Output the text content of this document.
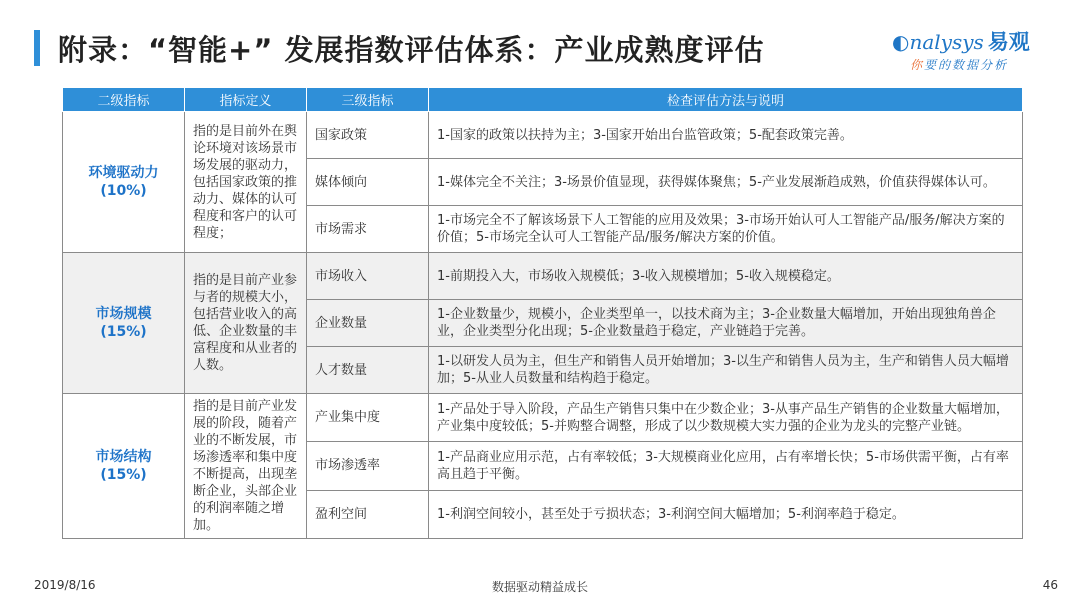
附录：“智能+” 发展指数评估体系：产业成熟度评估	◐nalysys 易观
你要的数据分析
二级指标	指标定义	三级指标	检查评估方法与说明

环境驱动力
(10%)	指的是目前外在舆论环境对该场景市场发展的驱动力，包括国家政策的推动力、媒体的认可程度和客户的认可程度；	国家政策	1-国家的政策以扶持为主；3-国家开始出台监管政策；5-配套政策完善。
		媒体倾向	1-媒体完全不关注；3-场景价值显现，获得媒体聚焦；5-产业发展渐趋成熟，价值获得媒体认可。
		市场需求	1-市场完全不了解该场景下人工智能的应用及效果；3-市场开始认可人工智能产品/服务/解决方案的价值；5-市场完全认可人工智能产品/服务/解决方案的价值。

市场规模
(15%)	指的是目前产业参与者的规模大小，包括营业收入的高低、企业数量的丰富程度和从业者的人数。	市场收入	1-前期投入大，市场收入规模低；3-收入规模增加；5-收入规模稳定。
		企业数量	1-企业数量少，规模小，企业类型单一，以技术商为主；3-企业数量大幅增加，开始出现独角兽企业，企业类型分化出现；5-企业数量趋于稳定，产业链趋于完善。
		人才数量	1-以研发人员为主，但生产和销售人员开始增加；3-以生产和销售人员为主，生产和销售人员大幅增加；5-从业人员数量和结构趋于稳定。

市场结构
(15%)	指的是目前产业发展的阶段，随着产业的不断发展，市场渗透率和集中度不断提高，出现垄断企业，头部企业的利润率随之增加。	产业集中度	1-产品处于导入阶段，产品生产销售只集中在少数企业；3-从事产品生产销售的企业数量大幅增加，产业集中度较低；5-并购整合调整，形成了以少数规模大实力强的企业为龙头的完整产业链。
		市场渗透率	1-产品商业应用示范，占有率较低；3-大规模商业化应用，占有率增长快；5-市场供需平衡，占有率高且趋于平衡。
		盈利空间	1-利润空间较小，甚至处于亏损状态；3-利润空间大幅增加；5-利润率趋于稳定。
2019/8/16	数据驱动精益成长	46
